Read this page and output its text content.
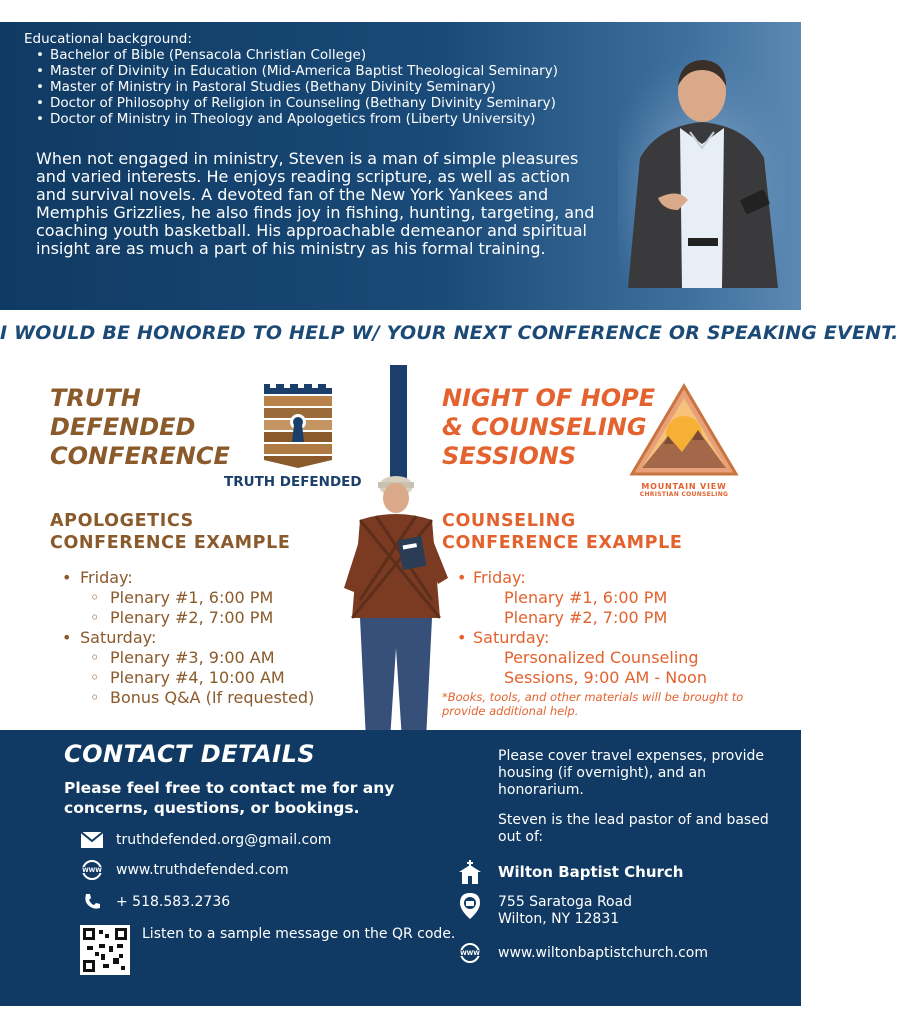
Educational background:
• Bachelor of Bible (Pensacola Christian College)
• Master of Divinity in Education (Mid-America Baptist Theological Seminary)
• Master of Ministry in Pastoral Studies (Bethany Divinity Seminary)
• Doctor of Philosophy of Religion in Counseling (Bethany Divinity Seminary)
• Doctor of Ministry in Theology and Apologetics from (Liberty University)

When not engaged in ministry, Steven is a man of simple pleasures and varied interests. He enjoys reading scripture, as well as action and survival novels. A devoted fan of the New York Yankees and Memphis Grizzlies, he also finds joy in fishing, hunting, targeting, and coaching youth basketball. His approachable demeanor and spiritual insight are as much a part of his ministry as his formal training.

I WOULD BE HONORED TO HELP W/ YOUR NEXT CONFERENCE OR SPEAKING EVENT.
TRUTH
DEFENDED
CONFERENCE
TRUTH DEFENDED
APOLOGETICS
CONFERENCE EXAMPLE
• Friday:
◦ Plenary #1, 6:00 PM
◦ Plenary #2, 7:00 PM
• Saturday:
◦ Plenary #3, 9:00 AM
◦ Plenary #4, 10:00 AM
◦ Bonus Q&A (If requested)
NIGHT OF HOPE
& COUNSELING
SESSIONS
MOUNTAIN VIEW
CHRISTIAN COUNSELING
COUNSELING
CONFERENCE EXAMPLE
• Friday:
Plenary #1, 6:00 PM
Plenary #2, 7:00 PM
• Saturday:
Personalized Counseling
Sessions, 9:00 AM - Noon
*Books, tools, and other materials will be brought to provide additional help.
CONTACT DETAILS

Please feel free to contact me for any concerns, questions, or bookings.

truthdefended.org@gmail.com
WWW www.truthdefended.com
+ 518.583.2736

Listen to a sample message on the QR code.

Please cover travel expenses, provide housing (if overnight), and an honorarium.

Steven is the lead pastor of and based out of:

Wilton Baptist Church
755 Saratoga Road
Wilton, NY 12831
WWW www.wiltonbaptistchurch.com
